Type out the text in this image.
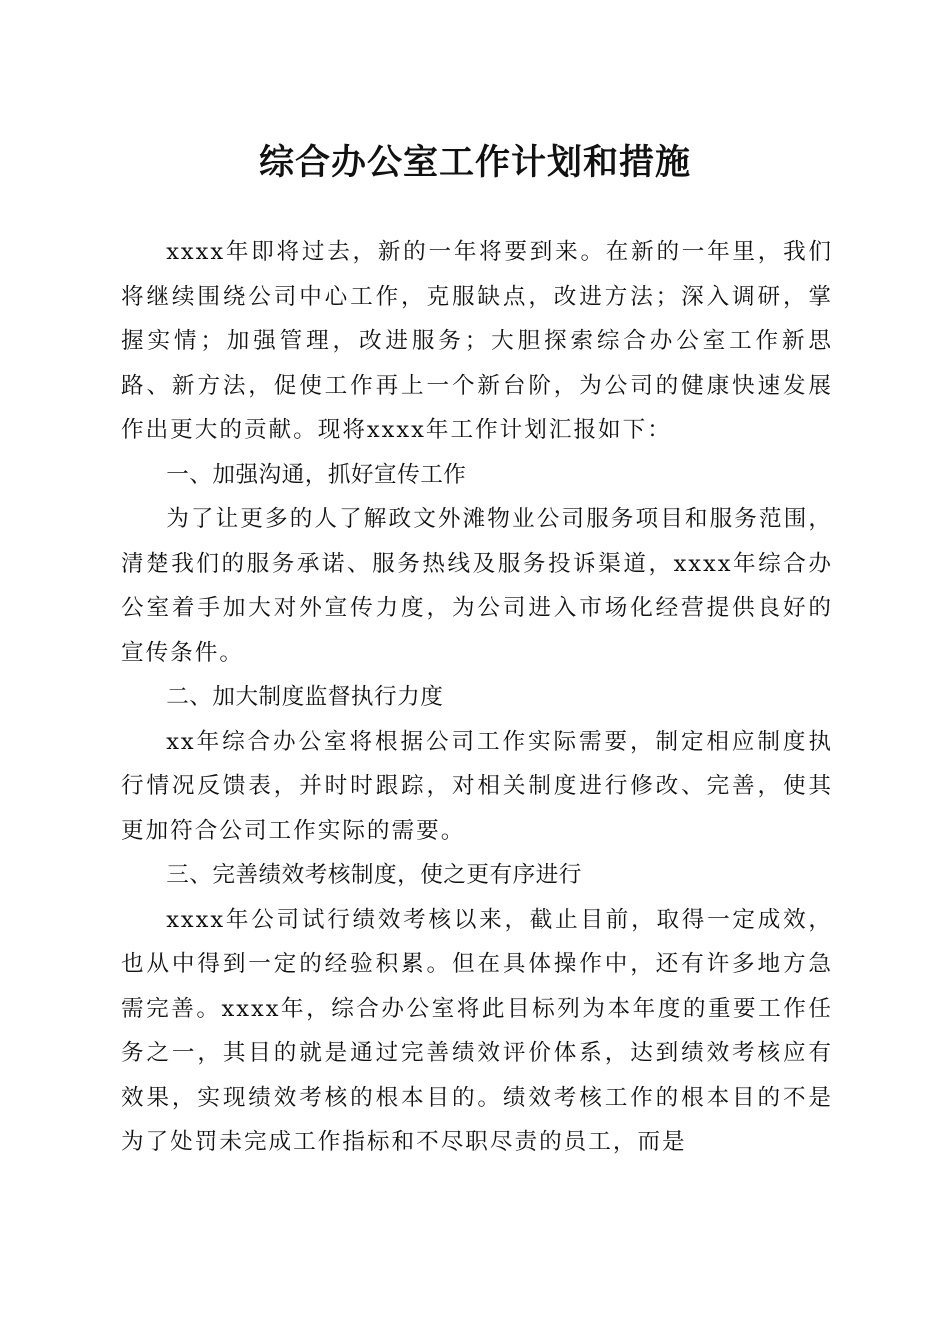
综合办公室工作计划和措施

xxxx年即将过去，新的一年将要到来。在新的一年里，我们将继续围绕公司中心工作，克服缺点，改进方法；深入调研，掌握实情；加强管理，改进服务；大胆探索综合办公室工作新思路、新方法，促使工作再上一个新台阶，为公司的健康快速发展作出更大的贡献。现将xxxx年工作计划汇报如下：

一、加强沟通，抓好宣传工作

为了让更多的人了解政文外滩物业公司服务项目和服务范围，清楚我们的服务承诺、服务热线及服务投诉渠道，xxxx年综合办公室着手加大对外宣传力度，为公司进入市场化经营提供良好的宣传条件。

二、加大制度监督执行力度

xx年综合办公室将根据公司工作实际需要，制定相应制度执行情况反馈表，并时时跟踪，对相关制度进行修改、完善，使其更加符合公司工作实际的需要。

三、完善绩效考核制度，使之更有序进行

xxxx年公司试行绩效考核以来，截止目前，取得一定成效，也从中得到一定的经验积累。但在具体操作中，还有许多地方急需完善。xxxx年，综合办公室将此目标列为本年度的重要工作任务之一，其目的就是通过完善绩效评价体系，达到绩效考核应有效果，实现绩效考核的根本目的。绩效考核工作的根本目的不是为了处罚未完成工作指标和不尽职尽责的员工，而是
